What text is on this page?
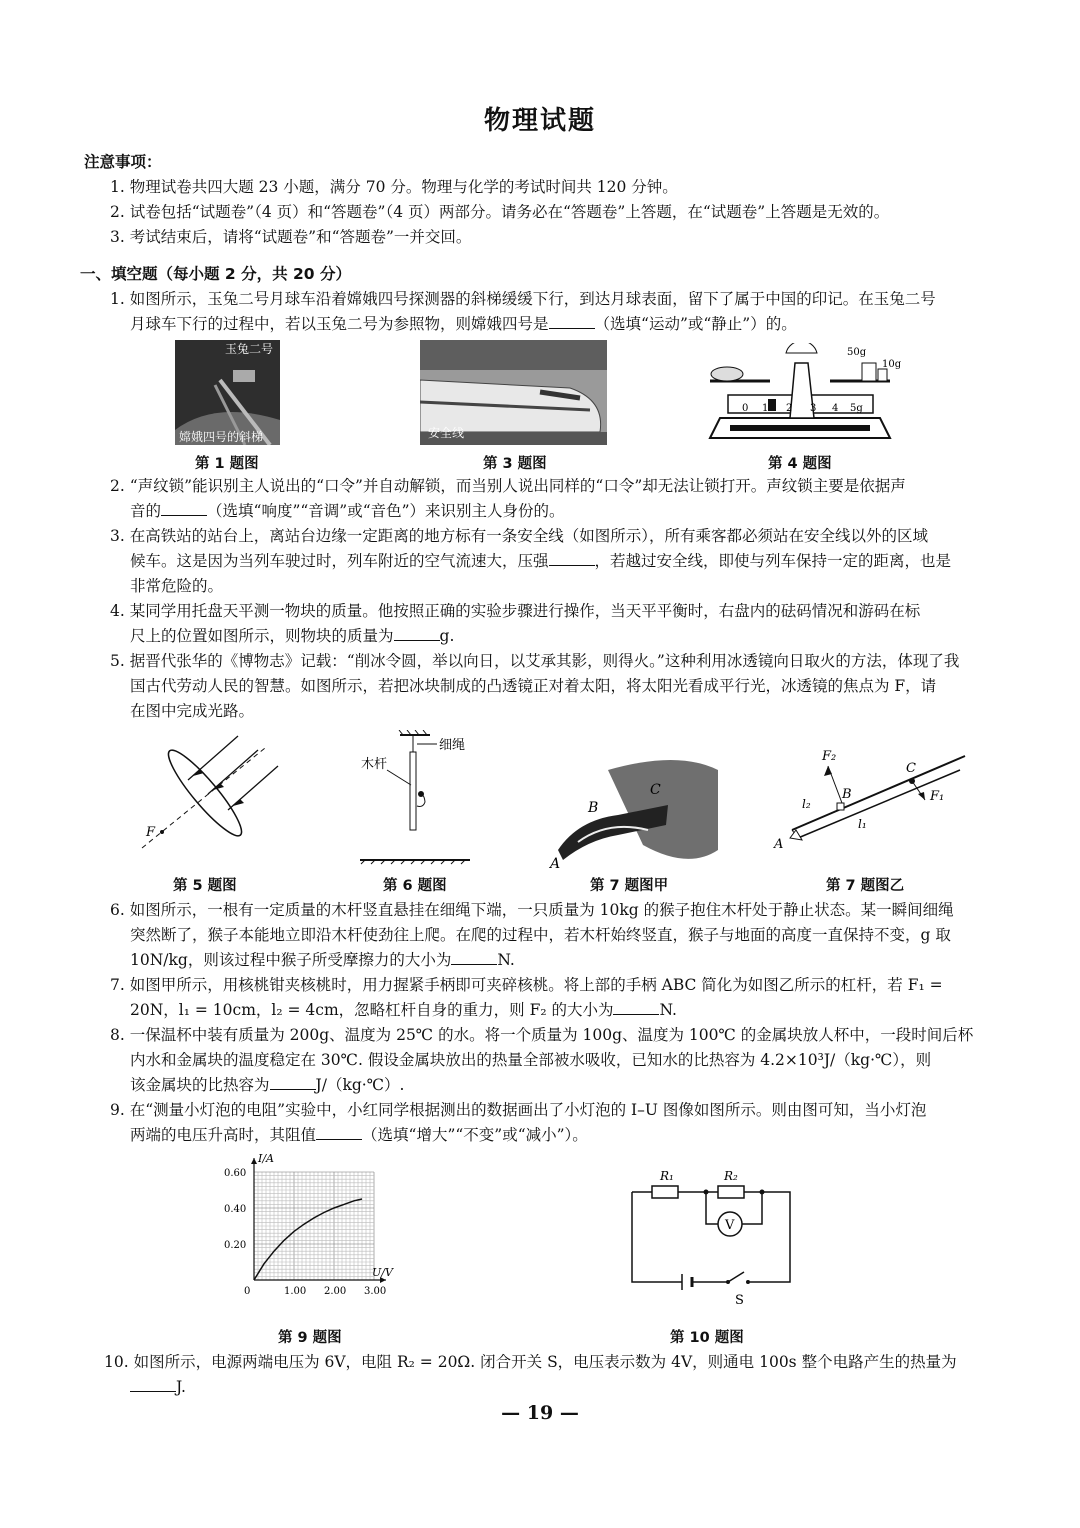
物理试题
注意事项：
1. 物理试卷共四大题 23 小题，满分 70 分。物理与化学的考试时间共 120 分钟。
2. 试卷包括“试题卷”（4 页）和“答题卷”（4 页）两部分。请务必在“答题卷”上答题，在“试题卷”上答题是无效的。
3. 考试结束后，请将“试题卷”和“答题卷”一并交回。
一、填空题（每小题 2 分，共 20 分）
1. 如图所示，玉兔二号月球车沿着嫦娥四号探测器的斜梯缓缓下行，到达月球表面，留下了属于中国的印记。在玉兔二号
月球车下行的过程中，若以玉兔二号为参照物，则嫦娥四号是	（选填“运动”或“静止”）的。
玉兔二号
嫦娥四号的斜梯
第 1 题图
安全线
第 3 题图
0 1 2 3 4 5g
50g
10g
第 4 题图
2. “声纹锁”能识别主人说出的“口令”并自动解锁，而当别人说出同样的“口令”却无法让锁打开。声纹锁主要是依据声
音的	（选填“响度”“音调”或“音色”）来识别主人身份的。
3. 在高铁站的站台上，离站台边缘一定距离的地方标有一条安全线（如图所示），所有乘客都必须站在安全线以外的区域
候车。这是因为当列车驶过时，列车附近的空气流速大，压强	，若越过安全线，即使与列车保持一定的距离，也是
非常危险的。
4. 某同学用托盘天平测一物块的质量。他按照正确的实验步骤进行操作，当天平平衡时，右盘内的砝码情况和游码在标
尺上的位置如图所示，则物块的质量为	g.
5. 据晋代张华的《博物志》记载：“削冰令圆，举以向日，以艾承其影，则得火。”这种利用冰透镜向日取火的方法，体现了我
国古代劳动人民的智慧。如图所示，若把冰块制成的凸透镜正对着太阳，将太阳光看成平行光，冰透镜的焦点为 F，请
在图中完成光路。
F
第 5 题图
细绳
木杆
第 6 题图
B
C
A
第 7 题图甲
F₂
C
B	F₁
l₂
l₁
A
第 7 题图乙
6. 如图所示，一根有一定质量的木杆竖直悬挂在细绳下端，一只质量为 10kg 的猴子抱住木杆处于静止状态。某一瞬间细绳
突然断了，猴子本能地立即沿木杆使劲往上爬。在爬的过程中，若木杆始终竖直，猴子与地面的高度一直保持不变，g 取
10N/kg，则该过程中猴子所受摩擦力的大小为	N.
7. 如图甲所示，用核桃钳夹核桃时，用力握紧手柄即可夹碎核桃。将上部的手柄 ABC 简化为如图乙所示的杠杆，若 F₁ =
20N，l₁ = 10cm，l₂ = 4cm，忽略杠杆自身的重力，则 F₂ 的大小为	N.
8. 一保温杯中装有质量为 200g、温度为 25℃ 的水。将一个质量为 100g、温度为 100℃ 的金属块放人杯中，一段时间后杯
内水和金属块的温度稳定在 30℃. 假设金属块放出的热量全部被水吸收，已知水的比热容为 4.2×10³J/（kg·℃），则
该金属块的比热容为	J/（kg·℃）.
9. 在“测量小灯泡的电阻”实验中，小红同学根据测出的数据画出了小灯泡的 I–U 图像如图所示。则由图可知，当小灯泡
两端的电压升高时，其阻值	（选填“增大”“不变”或“减小”）。
0	1.00 2.00 3.00
0.20
0.40
0.60
I/A
U/V
第 9 题图
V
R₁	R₂
S
第 10 题图
10. 如图所示，电源两端电压为 6V，电阻 R₂ = 20Ω. 闭合开关 S，电压表示数为 4V，则通电 100s 整个电路产生的热量为
J.
— 19 —
